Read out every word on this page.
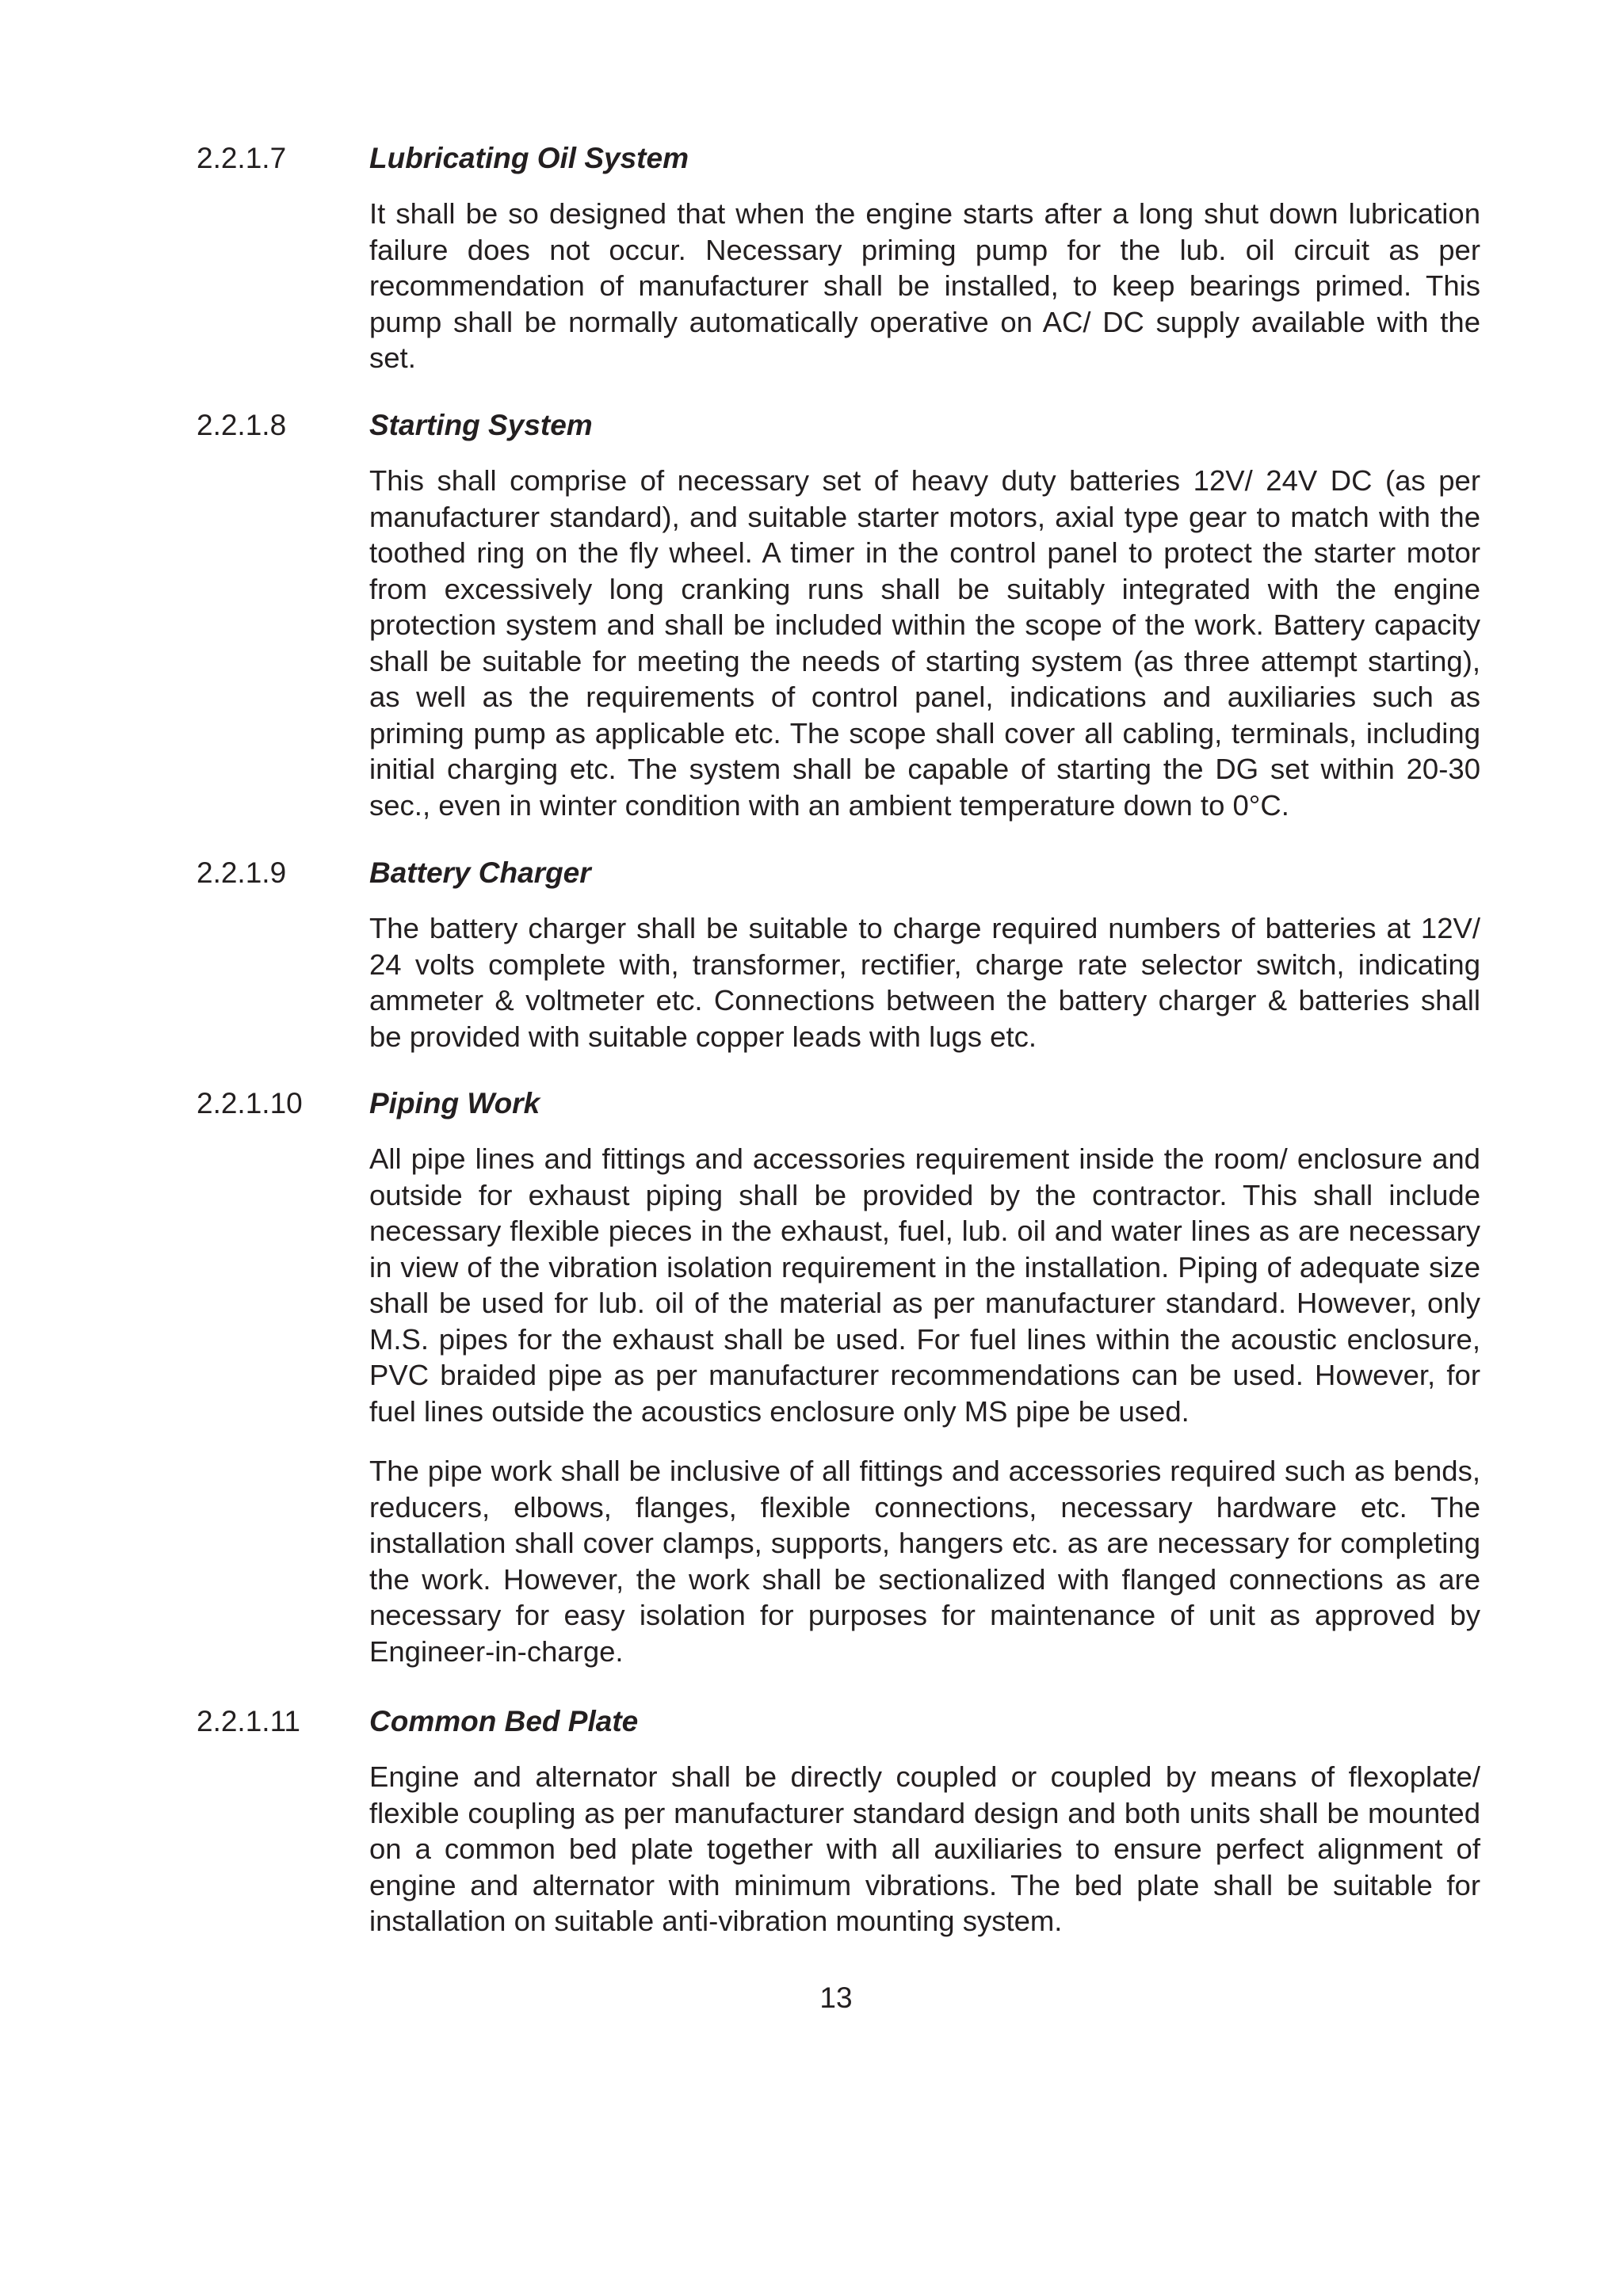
2.2.1.7	Lubricating Oil System

It shall be so designed that when the engine starts after a long shut down lubrication failure does not occur. Necessary priming pump for the lub. oil circuit as per recommendation of manufacturer shall be installed, to keep bearings primed. This pump shall be normally automatically operative on AC/ DC supply available with the set.

2.2.1.8	Starting System

This shall comprise of necessary set of heavy duty batteries 12V/ 24V DC (as per manufacturer standard), and suitable starter motors, axial type gear to match with the toothed ring on the fly wheel. A timer in the control panel to protect the starter motor from excessively long cranking runs shall be suitably integrated with the engine protection system and shall be included within the scope of the work. Battery capacity shall be suitable for meeting the needs of starting system (as three attempt starting), as well as the requirements of control panel, indications and auxiliaries such as priming pump as applicable etc. The scope shall cover all cabling, terminals, including initial charging etc. The system shall be capable of starting the DG set within 20-30 sec., even in winter condition with an ambient temperature down to 0°C.

2.2.1.9	Battery Charger

The battery charger shall be suitable to charge required numbers of batteries at 12V/ 24 volts complete with, transformer, rectifier, charge rate selector switch, indicating ammeter & voltmeter etc. Connections between the battery charger & batteries shall be provided with suitable copper leads with lugs etc.

2.2.1.10 Piping Work

All pipe lines and fittings and accessories requirement inside the room/ enclosure and outside for exhaust piping shall be provided by the contractor. This shall include necessary flexible pieces in the exhaust, fuel, lub. oil and water lines as are necessary in view of the vibration isolation requirement in the installation. Piping of adequate size shall be used for lub. oil of the material as per manufacturer standard. However, only M.S. pipes for the exhaust shall be used. For fuel lines within the acoustic enclosure, PVC braided pipe as per manufacturer recommendations can be used. However, for fuel lines outside the acoustics enclosure only MS pipe be used.

The pipe work shall be inclusive of all fittings and accessories required such as bends, reducers, elbows, flanges, flexible connections, necessary hardware etc. The installation shall cover clamps, supports, hangers etc. as are necessary for completing the work. However, the work shall be sectionalized with flanged connections as are necessary for easy isolation for purposes for maintenance of unit as approved by Engineer-in-charge.

2.2.1.11 Common Bed Plate

Engine and alternator shall be directly coupled or coupled by means of flexoplate/ flexible coupling as per manufacturer standard design and both units shall be mounted on a common bed plate together with all auxiliaries to ensure perfect alignment of engine and alternator with minimum vibrations. The bed plate shall be suitable for installation on suitable anti-vibration mounting system.

13
